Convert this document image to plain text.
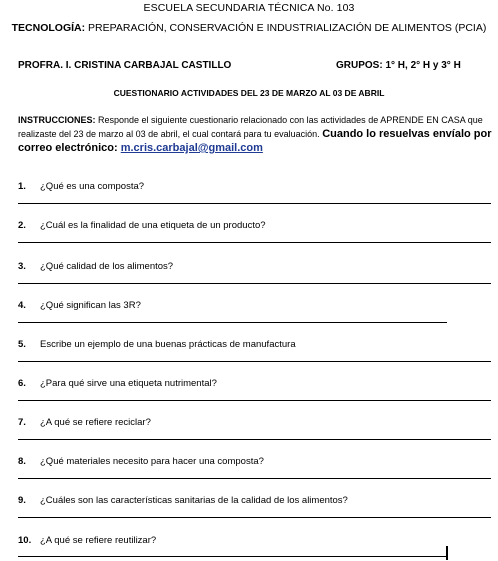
ESCUELA SECUNDARIA TÉCNICA No. 103
TECNOLOGÍA: PREPARACIÓN, CONSERVACIÓN E INDUSTRIALIZACIÓN DE ALIMENTOS (PCIA)
PROFRA. I. CRISTINA CARBAJAL CASTILLO	GRUPOS: 1° H, 2° H y 3° H
CUESTIONARIO ACTIVIDADES DEL 23 DE MARZO AL 03 DE ABRIL
INSTRUCCIONES: Responde el siguiente cuestionario relacionado con las actividades de APRENDE EN CASA que realizaste del 23 de marzo al 03 de abril, el cual contará para tu evaluación. Cuando lo resuelvas envíalo por correo electrónico: m.cris.carbajal@gmail.com
1. ¿Qué es una composta?
2. ¿Cuál es la finalidad de una etiqueta de un producto?
3. ¿Qué calidad de los alimentos?
4. ¿Qué significan las 3R?
5. Escribe un ejemplo de una buenas prácticas de manufactura
6. ¿Para qué sirve una etiqueta nutrimental?
7. ¿A qué se refiere reciclar?
8. ¿Qué materiales necesito para hacer una composta?
9. ¿Cuáles son las características sanitarias de la calidad de los alimentos?
10. ¿A qué se refiere reutilizar?
